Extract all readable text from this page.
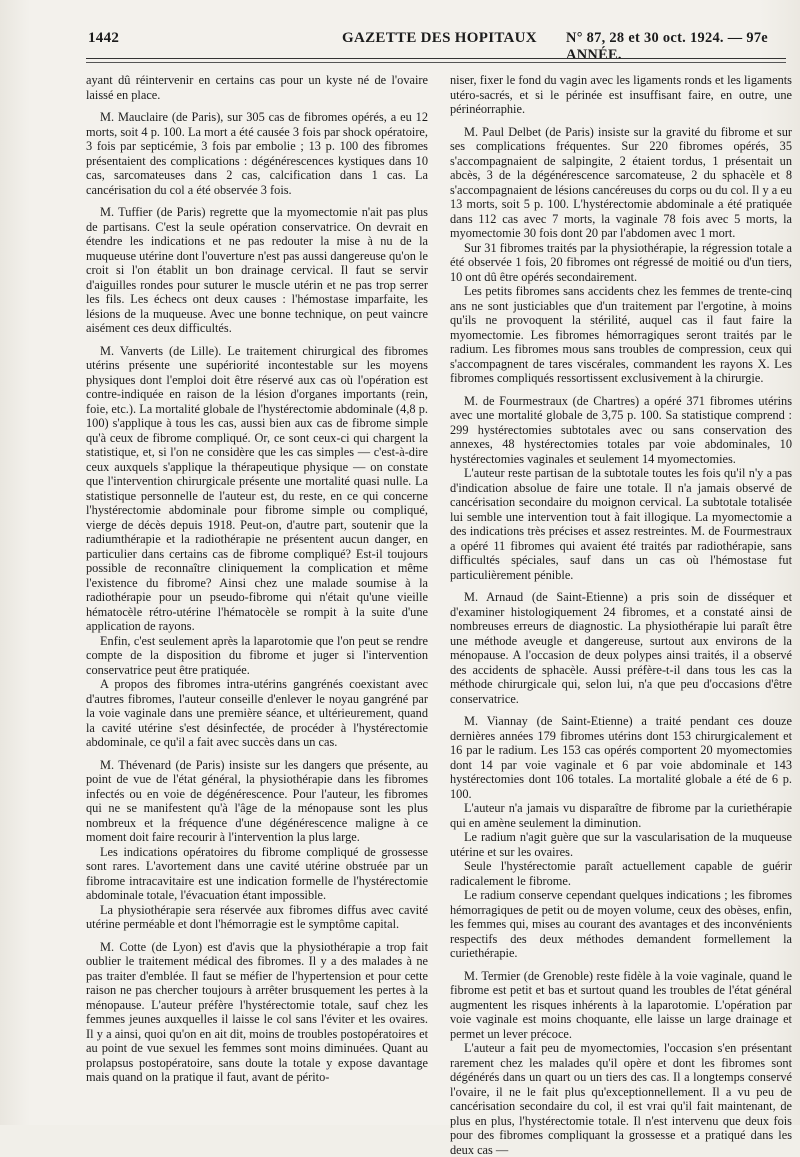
1442	GAZETTE DES HOPITAUX N° 87, 28 et 30 oct. 1924. — 97e ANNÉE.

ayant dû réintervenir en certains cas pour un kyste né de l'ovaire laissé en place.

M. Mauclaire (de Paris), sur 305 cas de fibromes opérés, a eu 12 morts, soit 4 p. 100. La mort a été causée 3 fois par shock opératoire, 3 fois par septicémie, 3 fois par embolie ; 13 p. 100 des fibromes présentaient des complications : dégénérescences kystiques dans 10 cas, sarcomateuses dans 2 cas, calcification dans 1 cas. La cancérisation du col a été observée 3 fois.

M. Tuffier (de Paris) regrette que la myomectomie n'ait pas plus de partisans. C'est la seule opération conservatrice. On devrait en étendre les indications et ne pas redouter la mise à nu de la muqueuse utérine dont l'ouverture n'est pas aussi dangereuse qu'on le croit si l'on établit un bon drainage cervical. Il faut se servir d'aiguilles rondes pour suturer le muscle utérin et ne pas trop serrer les fils. Les échecs ont deux causes : l'hémostase imparfaite, les lésions de la muqueuse. Avec une bonne technique, on peut vaincre aisément ces deux difficultés.

M. Vanverts (de Lille). Le traitement chirurgical des fibromes utérins présente une supériorité incontestable sur les moyens physiques dont l'emploi doit être réservé aux cas où l'opération est contre-indiquée en raison de la lésion d'organes importants (rein, foie, etc.). La mortalité globale de l'hystérectomie abdominale (4,8 p. 100) s'applique à tous les cas, aussi bien aux cas de fibrome simple qu'à ceux de fibrome compliqué. Or, ce sont ceux-ci qui chargent la statistique, et, si l'on ne considère que les cas simples — c'est-à-dire ceux auxquels s'applique la thérapeutique physique — on constate que l'intervention chirurgicale présente une mortalité quasi nulle. La statistique personnelle de l'auteur est, du reste, en ce qui concerne l'hystérectomie abdominale pour fibrome simple ou compliqué, vierge de décès depuis 1918. Peut-on, d'autre part, soutenir que la radiumthérapie et la radiothérapie ne présentent aucun danger, en particulier dans certains cas de fibrome compliqué? Est-il toujours possible de reconnaître cliniquement la complication et même l'existence du fibrome? Ainsi chez une malade soumise à la radiothérapie pour un pseudo-fibrome qui n'était qu'une vieille hématocèle rétro-utérine l'hématocèle se rompit à la suite d'une application de rayons.

Enfin, c'est seulement après la laparotomie que l'on peut se rendre compte de la disposition du fibrome et juger si l'intervention conservatrice peut être pratiquée.

A propos des fibromes intra-utérins gangrénés coexistant avec d'autres fibromes, l'auteur conseille d'enlever le noyau gangréné par la voie vaginale dans une première séance, et ultérieurement, quand la cavité utérine s'est désinfectée, de procéder à l'hystérectomie abdominale, ce qu'il a fait avec succès dans un cas.

M. Thévenard (de Paris) insiste sur les dangers que présente, au point de vue de l'état général, la physiothérapie dans les fibromes infectés ou en voie de dégénérescence. Pour l'auteur, les fibromes qui ne se manifestent qu'à l'âge de la ménopause sont les plus nombreux et la fréquence d'une dégénérescence maligne à ce moment doit faire recourir à l'intervention la plus large.

Les indications opératoires du fibrome compliqué de grossesse sont rares. L'avortement dans une cavité utérine obstruée par un fibrome intracavitaire est une indication formelle de l'hystérectomie abdominale totale, l'évacuation étant impossible.

La physiothérapie sera réservée aux fibromes diffus avec cavité utérine perméable et dont l'hémorragie est le symptôme capital.

M. Cotte (de Lyon) est d'avis que la physiothérapie a trop fait oublier le traitement médical des fibromes. Il y a des malades à ne pas traiter d'emblée. Il faut se méfier de l'hypertension et pour cette raison ne pas chercher toujours à arrêter brusquement les pertes à la ménopause. L'auteur préfère l'hystérectomie totale, sauf chez les femmes jeunes auxquelles il laisse le col sans l'éviter et les ovaires. Il y a ainsi, quoi qu'on en ait dit, moins de troubles postopératoires et au point de vue sexuel les femmes sont moins diminuées. Quant au prolapsus postopératoire, sans doute la totale y expose davantage mais quand on la pratique il faut, avant de périto-

niser, fixer le fond du vagin avec les ligaments ronds et les ligaments utéro-sacrés, et si le périnée est insuffisant faire, en outre, une périnéorraphie.

M. Paul Delbet (de Paris) insiste sur la gravité du fibrome et sur ses complications fréquentes. Sur 220 fibromes opérés, 35 s'accompagnaient de salpingite, 2 étaient tordus, 1 présentait un abcès, 3 de la dégénérescence sarcomateuse, 2 du sphacèle et 8 s'accompagnaient de lésions cancéreuses du corps ou du col. Il y a eu 13 morts, soit 5 p. 100. L'hystérectomie abdominale a été pratiquée dans 112 cas avec 7 morts, la vaginale 78 fois avec 5 morts, la myomectomie 30 fois dont 20 par l'abdomen avec 1 mort.

Sur 31 fibromes traités par la physiothérapie, la régression totale a été observée 1 fois, 20 fibromes ont régressé de moitié ou d'un tiers, 10 ont dû être opérés secondairement.

Les petits fibromes sans accidents chez les femmes de trente-cinq ans ne sont justiciables que d'un traitement par l'ergotine, à moins qu'ils ne provoquent la stérilité, auquel cas il faut faire la myomectomie. Les fibromes hémorragiques seront traités par le radium. Les fibromes mous sans troubles de compression, ceux qui s'accompagnent de tares viscérales, commandent les rayons X. Les fibromes compliqués ressortissent exclusivement à la chirurgie.

M. de Fourmestraux (de Chartres) a opéré 371 fibromes utérins avec une mortalité globale de 3,75 p. 100. Sa statistique comprend : 299 hystérectomies subtotales avec ou sans conservation des annexes, 48 hystérectomies totales par voie abdominales, 10 hystérectomies vaginales et seulement 14 myomectomies.

L'auteur reste partisan de la subtotale toutes les fois qu'il n'y a pas d'indication absolue de faire une totale. Il n'a jamais observé de cancérisation secondaire du moignon cervical. La subtotale totalisée lui semble une intervention tout à fait illogique. La myomectomie a des indications très précises et assez restreintes. M. de Fourmestraux a opéré 11 fibromes qui avaient été traités par radiothérapie, sans difficultés spéciales, sauf dans un cas où l'hémostase fut particulièrement pénible.

M. Arnaud (de Saint-Etienne) a pris soin de disséquer et d'examiner histologiquement 24 fibromes, et a constaté ainsi de nombreuses erreurs de diagnostic. La physiothérapie lui paraît être une méthode aveugle et dangereuse, surtout aux environs de la ménopause. A l'occasion de deux polypes ainsi traités, il a observé des accidents de sphacèle. Aussi préfère-t-il dans tous les cas la méthode chirurgicale qui, selon lui, n'a que peu d'occasions d'être conservatrice.

M. Viannay (de Saint-Etienne) a traité pendant ces douze dernières années 179 fibromes utérins dont 153 chirurgicalement et 16 par le radium. Les 153 cas opérés comportent 20 myomectomies dont 14 par voie vaginale et 6 par voie abdominale et 143 hystérectomies dont 106 totales. La mortalité globale a été de 6 p. 100.

L'auteur n'a jamais vu disparaître de fibrome par la curiethérapie qui en amène seulement la diminution.

Le radium n'agit guère que sur la vascularisation de la muqueuse utérine et sur les ovaires.

Seule l'hystérectomie paraît actuellement capable de guérir radicalement le fibrome.

Le radium conserve cependant quelques indications ; les fibromes hémorragiques de petit ou de moyen volume, ceux des obèses, enfin, les femmes qui, mises au courant des avantages et des inconvénients respectifs des deux méthodes demandent formellement la curiethérapie.

M. Termier (de Grenoble) reste fidèle à la voie vaginale, quand le fibrome est petit et bas et surtout quand les troubles de l'état général augmentent les risques inhérents à la laparotomie. L'opération par voie vaginale est moins choquante, elle laisse un large drainage et permet un lever précoce.

L'auteur a fait peu de myomectomies, l'occasion s'en présentant rarement chez les malades qu'il opère et dont les fibromes sont dégénérés dans un quart ou un tiers des cas. Il a longtemps conservé l'ovaire, il ne le fait plus qu'exceptionnellement. Il a vu peu de cancérisation secondaire du col, il est vrai qu'il fait maintenant, de plus en plus, l'hystérectomie totale. Il n'est intervenu que deux fois pour des fibromes compliquant la grossesse et a pratiqué dans les deux cas —
